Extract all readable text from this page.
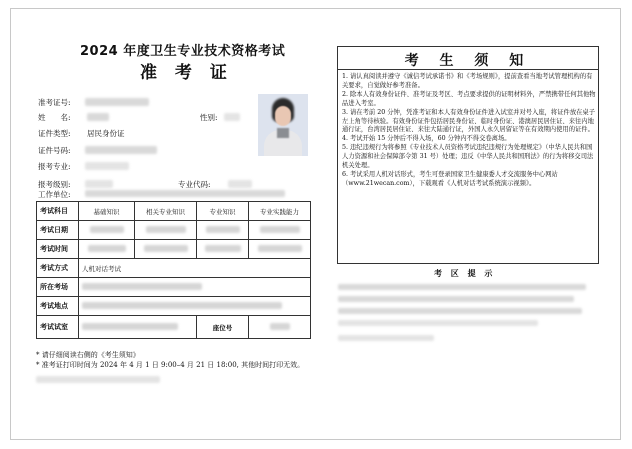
2024 年度卫生专业技术资格考试
准 考 证
准考证号:
姓　　名:	性别:
证件类型: 居民身份证
证件号码:
报考专业:
报考级别:	专业代码:
工作单位:
考试科目	基础知识	相关专业知识	专业知识	专业实践能力
考试日期				
考试时间				
考试方式	人机对话考试			
所在考场				
考试地点				
考试试室			座位号	
* 请仔细阅读右侧的《考生须知》
* 准考证打印时间为 2024 年 4 月 1 日 9:00–4 月 21 日 18:00, 其他时间打印无效。
考 生 须 知

1. 请认真阅读并遵守《诚信考试承诺书》和《考场规则》，提前查看当地考试管理机构的有关要求，自觉做好参考准备。

2. 除本人有效身份证件、准考证及考区、考点要求提供的证明材料外，严禁携带任何其他物品进入考室。

3. 请在考前 20 分钟，凭准考证和本人有效身份证件进入试室并对号入座，将证件放在桌子左上角等待核验。有效身份证件包括居民身份证、临时身份证、港澳居民居住证、来往内地通行证，台湾居民居住证、来往大陆通行证，外国人永久居留证等在有效期内使用的证件。

4. 考试开始 15 分钟后不得入场，60 分钟内不得交卷离场。

5. 违纪违规行为将参照《专业技术人员资格考试违纪违规行为处理规定》（中华人民共和国人力资源和社会保障部令第 31 号）处理；违反《中华人民共和国刑法》的行为将移交司法机关处理。

6. 考试采用人机对话形式，考生可登录国家卫生健康委人才交流服务中心网站（www.21wecan.com），下载观看《人机对话考试系统演示视频》。

考 区 提 示
